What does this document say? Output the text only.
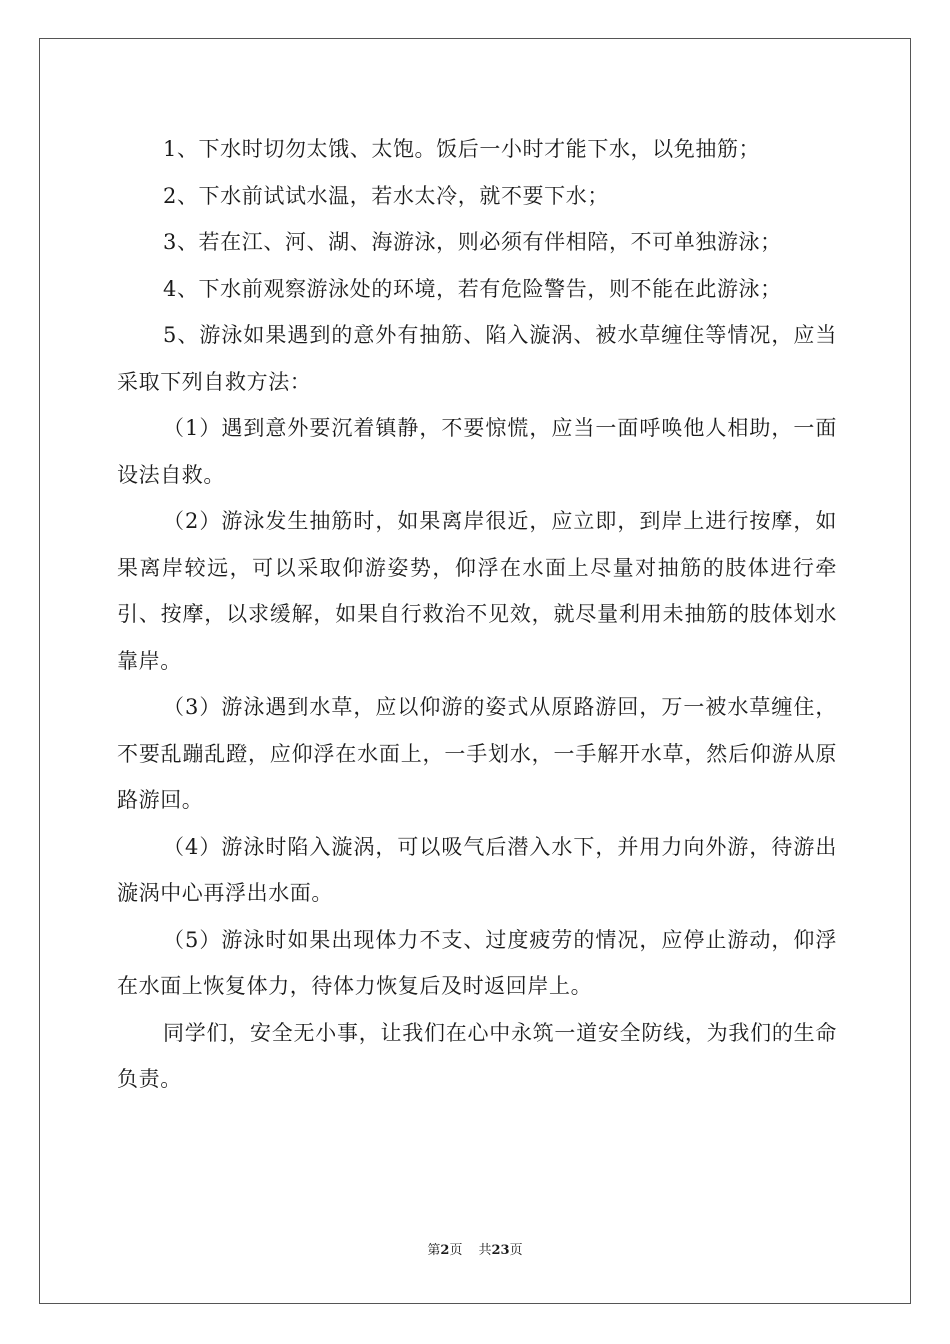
1、下水时切勿太饿、太饱。饭后一小时才能下水，以免抽筋；

2、下水前试试水温，若水太冷，就不要下水；

3、若在江、河、湖、海游泳，则必须有伴相陪，不可单独游泳；

4、下水前观察游泳处的环境，若有危险警告，则不能在此游泳；

5、游泳如果遇到的意外有抽筋、陷入漩涡、被水草缠住等情况，应当采取下列自救方法：

（1）遇到意外要沉着镇静，不要惊慌，应当一面呼唤他人相助，一面设法自救。

（2）游泳发生抽筋时，如果离岸很近，应立即，到岸上进行按摩，如果离岸较远，可以采取仰游姿势，仰浮在水面上尽量对抽筋的肢体进行牵引、按摩，以求缓解，如果自行救治不见效，就尽量利用未抽筋的肢体划水靠岸。

（3）游泳遇到水草，应以仰游的姿式从原路游回，万一被水草缠住，不要乱蹦乱蹬，应仰浮在水面上，一手划水，一手解开水草，然后仰游从原路游回。

（4）游泳时陷入漩涡，可以吸气后潜入水下，并用力向外游，待游出漩涡中心再浮出水面。

（5）游泳时如果出现体力不支、过度疲劳的情况，应停止游动，仰浮在水面上恢复体力，待体力恢复后及时返回岸上。

同学们，安全无小事，让我们在心中永筑一道安全防线，为我们的生命负责。

第2页 共23页
